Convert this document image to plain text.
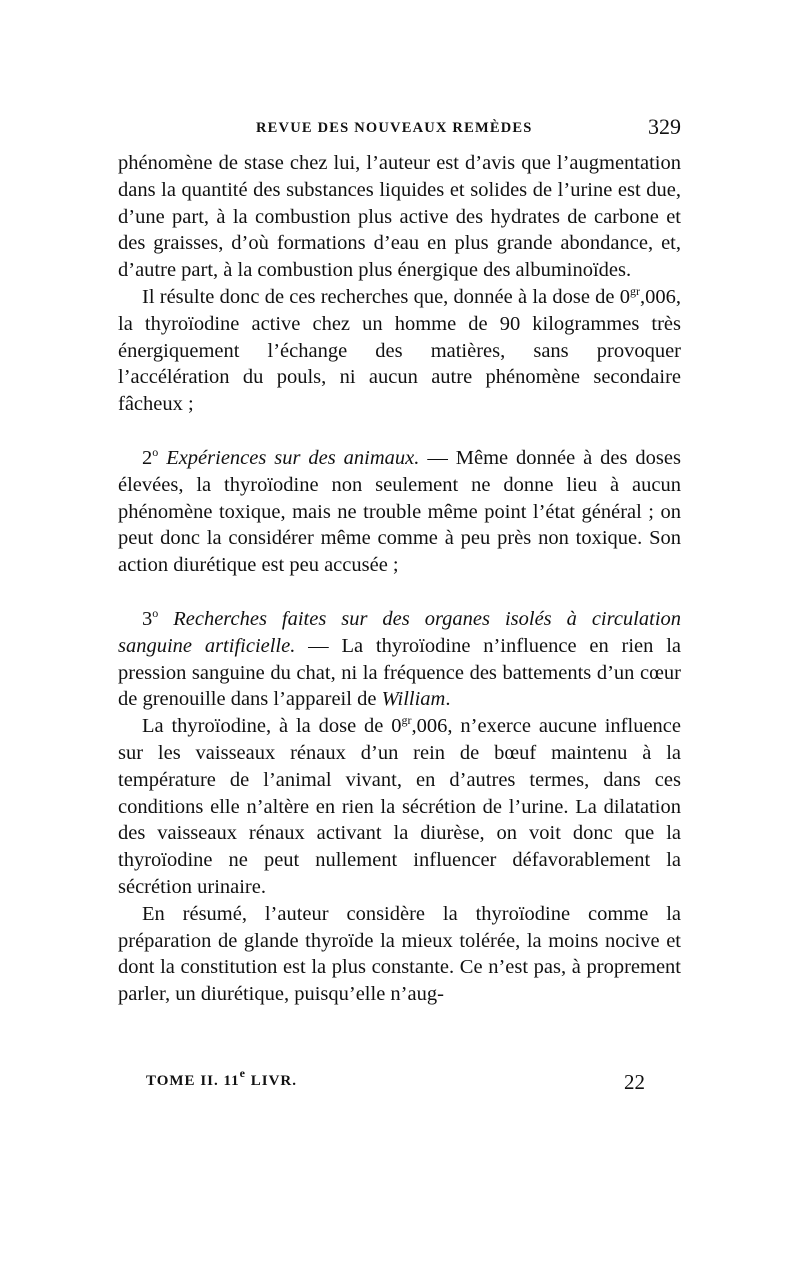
REVUE DES NOUVEAUX REMÈDES	329

phénomène de stase chez lui, l’auteur est d’avis que l’augmentation dans la quantité des substances liquides et solides de l’urine est due, d’une part, à la combustion plus active des hydrates de carbone et des graisses, d’où formations d’eau en plus grande abondance, et, d’autre part, à la combustion plus énergique des albuminoïdes.

Il résulte donc de ces recherches que, donnée à la dose de $0^{gr},006$, la thyroïodine active chez un homme de 90 kilogrammes très énergiquement l’échange des matières, sans provoquer l’accélération du pouls, ni aucun autre phénomène secondaire fâcheux ;

2$^o$ Expériences sur des animaux. — Même donnée à des doses élevées, la thyroïodine non seulement ne donne lieu à aucun phénomène toxique, mais ne trouble même point l’état général ; on peut donc la considérer même comme à peu près non toxique. Son action diurétique est peu accusée ;

3$^o$ Recherches faites sur des organes isolés à circulation sanguine artificielle. — La thyroïodine n’influence en rien la pression sanguine du chat, ni la fréquence des battements d’un cœur de grenouille dans l’appareil de William.

La thyroïodine, à la dose de $0^{gr},006$, n’exerce aucune influence sur les vaisseaux rénaux d’un rein de bœuf maintenu à la température de l’animal vivant, en d’autres termes, dans ces conditions elle n’altère en rien la sécrétion de l’urine. La dilatation des vaisseaux rénaux activant la diurèse, on voit donc que la thyroïodine ne peut nullement influencer défavorablement la sécrétion urinaire.

En résumé, l’auteur considère la thyroïodine comme la préparation de glande thyroïde la mieux tolérée, la moins nocive et dont la constitution est la plus constante. Ce n’est pas, à proprement parler, un diurétique, puisqu’elle n’aug-

TOME II. 11e LIVR.	22
